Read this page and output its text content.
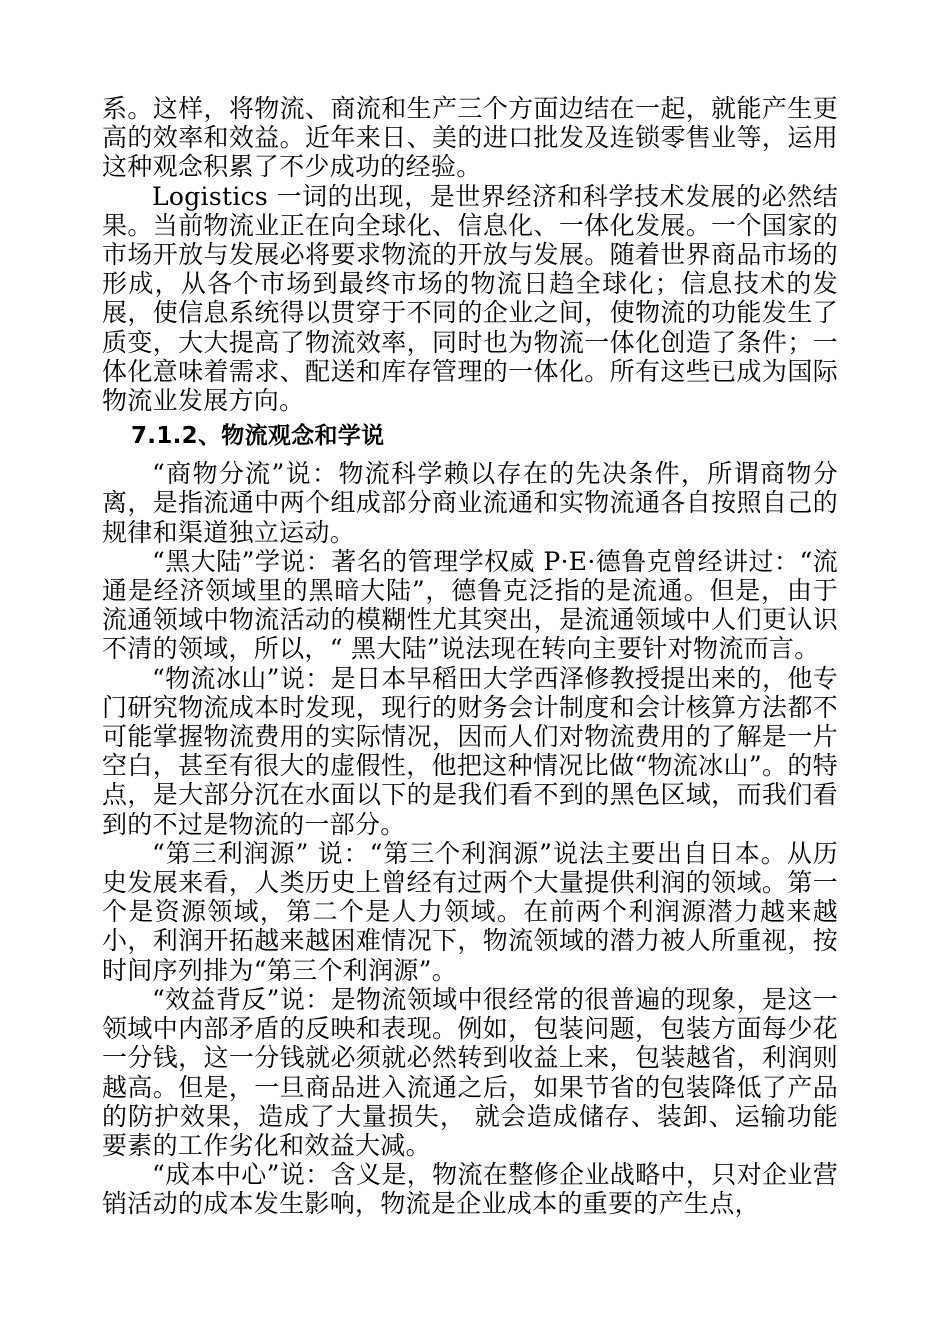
系。这样，将物流、商流和生产三个方面边结在一起，就能产生更高的效率和效益。近年来日、美的进口批发及连锁零售业等，运用这种观念积累了不少成功的经验。

Logistics 一词的出现，是世界经济和科学技术发展的必然结果。当前物流业正在向全球化、信息化、一体化发展。一个国家的市场开放与发展必将要求物流的开放与发展。随着世界商品市场的形成，从各个市场到最终市场的物流日趋全球化；信息技术的发展，使信息系统得以贯穿于不同的企业之间，使物流的功能发生了质变，大大提高了物流效率，同时也为物流一体化创造了条件；一体化意味着需求、配送和库存管理的一体化。所有这些已成为国际物流业发展方向。

7.1.2、物流观念和学说

“商物分流”说：物流科学赖以存在的先决条件，所谓商物分离，是指流通中两个组成部分商业流通和实物流通各自按照自己的规律和渠道独立运动。

“黑大陆”学说：著名的管理学权威 P·E·德鲁克曾经讲过：“流通是经济领域里的黑暗大陆”，德鲁克泛指的是流通。但是，由于流通领域中物流活动的模糊性尤其突出，是流通领域中人们更认识不清的领域，所以，“ 黑大陆”说法现在转向主要针对物流而言。

“物流冰山”说：是日本早稻田大学西泽修教授提出来的，他专门研究物流成本时发现，现行的财务会计制度和会计核算方法都不可能掌握物流费用的实际情况，因而人们对物流费用的了解是一片空白，甚至有很大的虚假性，他把这种情况比做“物流冰山”。的特点，是大部分沉在水面以下的是我们看不到的黑色区域，而我们看到的不过是物流的一部分。

“第三利润源” 说：“第三个利润源”说法主要出自日本。从历史发展来看，人类历史上曾经有过两个大量提供利润的领域。第一个是资源领域，第二个是人力领域。在前两个利润源潜力越来越小，利润开拓越来越困难情况下，物流领域的潜力被人所重视，按时间序列排为“第三个利润源”。

“效益背反”说：是物流领域中很经常的很普遍的现象，是这一领域中内部矛盾的反映和表现。例如，包装问题，包装方面每少花一分钱，这一分钱就必须就必然转到收益上来，包装越省，利润则越高。但是，一旦商品进入流通之后，如果节省的包装降低了产品的防护效果，造成了大量损失， 就会造成储存、装卸、运输功能要素的工作劣化和效益大减。

“成本中心”说：含义是，物流在整修企业战略中，只对企业营销活动的成本发生影响，物流是企业成本的重要的产生点，
